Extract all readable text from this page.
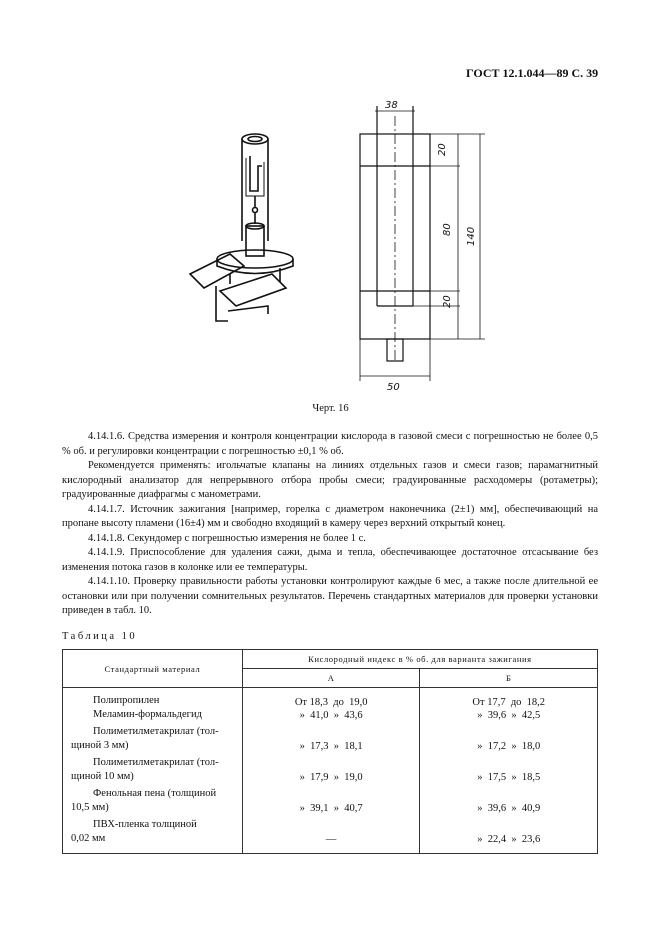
ГОСТ 12.1.044—89 С. 39
38
50
20
80
20
140
Черт. 16

4.14.1.6. Средства измерения и контроля концентрации кислорода в газовой смеси с погрешностью не более 0,5 % об. и регулировки концентрации с погрешностью ±0,1 % об.

Рекомендуется применять: игольчатые клапаны на линиях отдельных газов и смеси газов; парамагнитный кислородный анализатор для непрерывного отбора пробы смеси; градуированные расходомеры (ротаметры); градуированные диафрагмы с манометрами.

4.14.1.7. Источник зажигания [например, горелка с диаметром наконечника (2±1) мм], обеспечивающий на пропане высоту пламени (16±4) мм и свободно входящий в камеру через верхний открытый конец.

4.14.1.8. Секундомер с погрешностью измерения не более 1 с.

4.14.1.9. Приспособление для удаления сажи, дыма и тепла, обеспечивающее достаточное отсасывание без изменения потока газов в колонке или ее температуры.

4.14.1.10. Проверку правильности работы установки контролируют каждые 6 мес, а также после длительной ее остановки или при получении сомнительных результатов. Перечень стандартных материалов для проверки установки приведен в табл. 10.

Таблица 10
Стандартный материал	Кислородный индекс в % об. для варианта зажигания	
	А	Б

Полипропилен	От 18,3 до 19,0	От 17,7 до 18,2

Меламин-формальдегид	» 41,0 » 43,6	» 39,6 » 42,5

Полиметилметакрилат (тол-
щиной 3 мм)	» 17,3 » 18,1	» 17,2 » 18,0

Полиметилметакрилат (тол-
щиной 10 мм)	» 17,9 » 19,0	» 17,5 » 18,5

Фенольная пена (толщиной
10,5 мм)	» 39,1 » 40,7	» 39,6 » 40,9

ПВХ-пленка толщиной
0,02 мм	—	» 22,4 » 23,6
